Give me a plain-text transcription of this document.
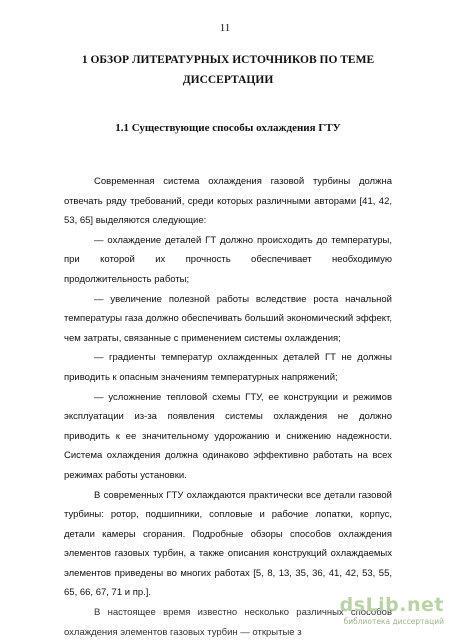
11
1 ОБЗОР ЛИТЕРАТУРНЫХ ИСТОЧНИКОВ ПО ТЕМЕ
ДИССЕРТАЦИИ
1.1 Существующие способы охлаждения ГТУ

Современная система охлаждения газовой турбины должна отвечать ряду требований, среди которых различными авторами [41, 42, 53, 65] выделяются следующие:

— охлаждение деталей ГТ должно происходить до температуры, при которой их прочность обеспечивает необходимую продолжительность работы;

— увеличение полезной работы вследствие роста начальной температуры газа должно обеспечивать больший экономический эффект, чем затраты, связанные с применением системы охлаждения;

— градиенты температур охлажденных деталей ГТ не должны приводить к опасным значениям температурных напряжений;

— усложнение тепловой схемы ГТУ, ее конструкции и режимов эксплуатации из-за появления системы охлаждения не должно приводить к ее значительному удорожанию и снижению надежности. Система охлаждения должна одинаково эффективно работать на всех режимах работы установки.

В современных ГТУ охлаждаются практически все детали газовой турбины: ротор, подшипники, сопловые и рабочие лопатки, корпус, детали камеры сгорания. Подробные обзоры способов охлаждения элементов газовых турбин, а также описания конструкций охлаждаемых элементов приведены во многих работах [5, 8, 13, 35, 36, 41, 42, 53, 55, 65, 66, 67, 71 и пр.].

В настоящее время известно несколько различных способов охлаждения элементов газовых турбин — открытые з

dsLib.net
библиотека диссертаций
